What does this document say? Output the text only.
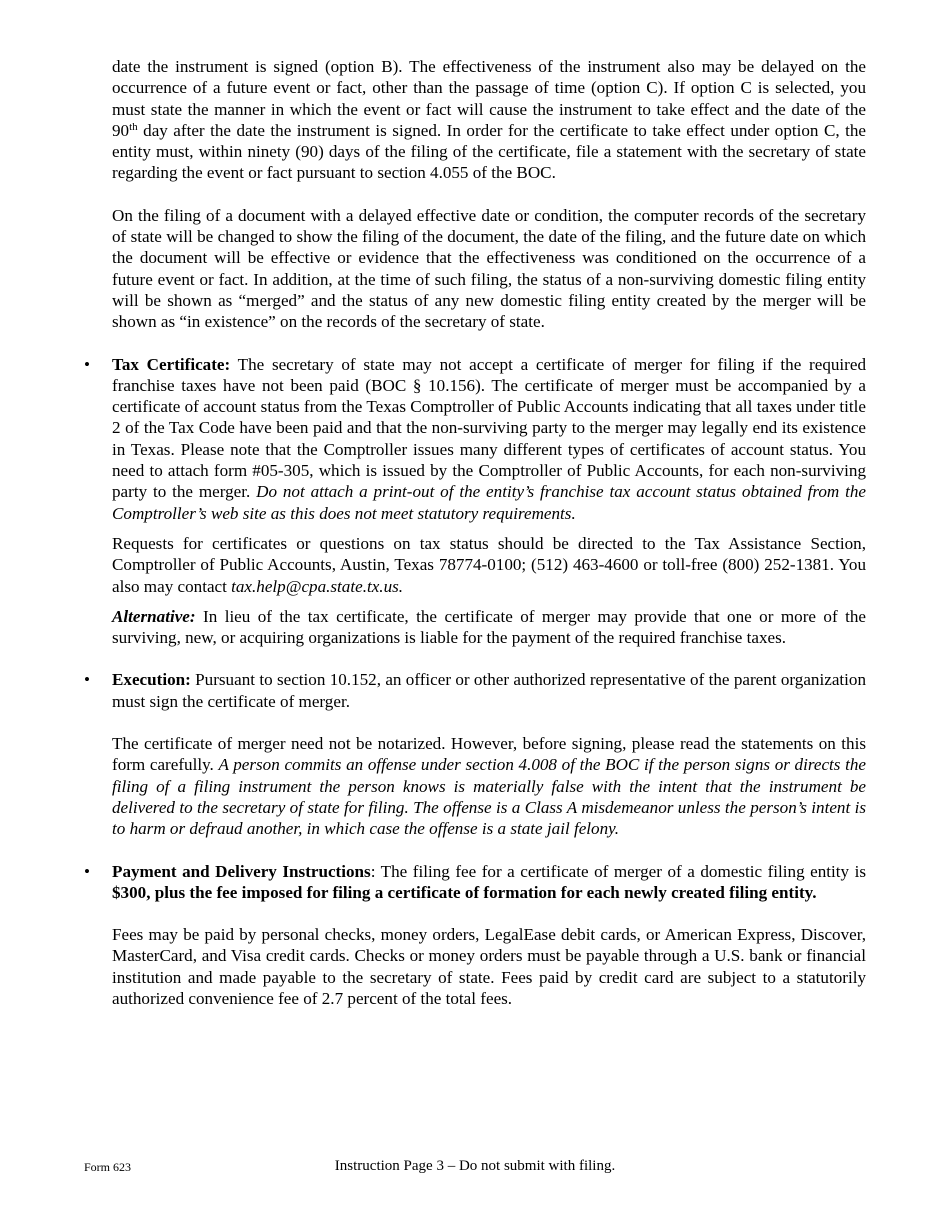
date the instrument is signed (option B). The effectiveness of the instrument also may be delayed on the occurrence of a future event or fact, other than the passage of time (option C). If option C is selected, you must state the manner in which the event or fact will cause the instrument to take effect and the date of the 90th day after the date the instrument is signed. In order for the certificate to take effect under option C, the entity must, within ninety (90) days of the filing of the certificate, file a statement with the secretary of state regarding the event or fact pursuant to section 4.055 of the BOC.

On the filing of a document with a delayed effective date or condition, the computer records of the secretary of state will be changed to show the filing of the document, the date of the filing, and the future date on which the document will be effective or evidence that the effectiveness was conditioned on the occurrence of a future event or fact. In addition, at the time of such filing, the status of a non-surviving domestic filing entity will be shown as “merged” and the status of any new domestic filing entity created by the merger will be shown as “in existence” on the records of the secretary of state.

• Tax Certificate: The secretary of state may not accept a certificate of merger for filing if the required franchise taxes have not been paid (BOC § 10.156). The certificate of merger must be accompanied by a certificate of account status from the Texas Comptroller of Public Accounts indicating that all taxes under title 2 of the Tax Code have been paid and that the non-surviving party to the merger may legally end its existence in Texas. Please note that the Comptroller issues many different types of certificates of account status. You need to attach form #05-305, which is issued by the Comptroller of Public Accounts, for each non-surviving party to the merger. Do not attach a print-out of the entity’s franchise tax account status obtained from the Comptroller’s web site as this does not meet statutory requirements.

Requests for certificates or questions on tax status should be directed to the Tax Assistance Section, Comptroller of Public Accounts, Austin, Texas 78774-0100; (512) 463-4600 or toll-free (800) 252-1381. You also may contact tax.help@cpa.state.tx.us.

Alternative: In lieu of the tax certificate, the certificate of merger may provide that one or more of the surviving, new, or acquiring organizations is liable for the payment of the required franchise taxes.

• Execution: Pursuant to section 10.152, an officer or other authorized representative of the parent organization must sign the certificate of merger.

The certificate of merger need not be notarized. However, before signing, please read the statements on this form carefully. A person commits an offense under section 4.008 of the BOC if the person signs or directs the filing of a filing instrument the person knows is materially false with the intent that the instrument be delivered to the secretary of state for filing. The offense is a Class A misdemeanor unless the person’s intent is to harm or defraud another, in which case the offense is a state jail felony.

• Payment and Delivery Instructions: The filing fee for a certificate of merger of a domestic filing entity is $300, plus the fee imposed for filing a certificate of formation for each newly created filing entity.

Fees may be paid by personal checks, money orders, LegalEase debit cards, or American Express, Discover, MasterCard, and Visa credit cards. Checks or money orders must be payable through a U.S. bank or financial institution and made payable to the secretary of state. Fees paid by credit card are subject to a statutorily authorized convenience fee of 2.7 percent of the total fees.

Form 623	Instruction Page 3 – Do not submit with filing.
